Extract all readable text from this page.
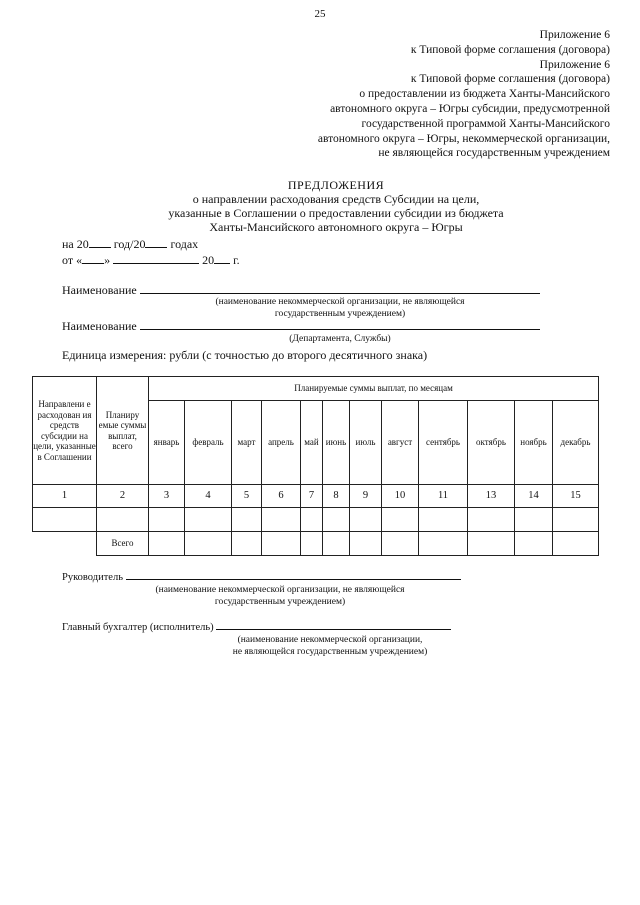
25
Приложение 6
к Типовой форме соглашения (договора)
Приложение 6
к Типовой форме соглашения (договора)
о предоставлении из бюджета Ханты-Мансийского
автономного округа – Югры субсидии, предусмотренной
государственной программой Ханты-Мансийского
автономного округа – Югры, некоммерческой организации,
не являющейся государственным учреждением
ПРЕДЛОЖЕНИЯ
о направлении расходования средств Субсидии на цели,
указанные в Соглашении о предоставлении субсидии из бюджета
Ханты-Мансийского автономного округа – Югры
на 20 год/20 годах
от « »	20 г.
Наименование
(наименование некоммерческой организации, не являющейся
государственным учреждением)
Наименование
(Департамента, Службы)
Единица измерения: рубли (с точностью до второго десятичного знака)
Направлени е расходован ия средств субсидии на цели, указанные в Соглашении	Планиру емые суммы выплат, всего	Планируемые суммы выплат, по месяцам											
		январь	февраль	март	апрель	май	июнь	июль	август	сентябрь	октябрь	ноябрь	декабрь
1	2	3	4	5	6	7	8	9	10	11	13	14	15

	Всего												
Руководитель
(наименование некоммерческой организации, не являющейся
государственным учреждением)
Главный бухгалтер (исполнитель)
(наименование некоммерческой организации,
не являющейся государственным учреждением)
